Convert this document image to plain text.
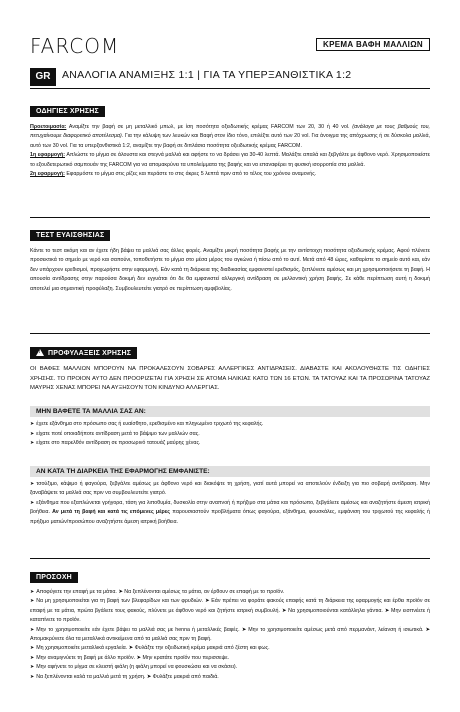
FARCOM	ΚΡΕΜΑ ΒΑΦΗ ΜΑΛΛΙΩΝ
GR	ΑΝΑΛΟΓΙΑ ΑΝΑΜΙΞΗΣ 1:1 | ΓΙΑ ΤΑ ΥΠΕΡΞΑΝΘΙΣΤΙΚΑ 1:2
ΟΔΗΓΙΕΣ ΧΡΗΣΗΣ

Προετοιμασία: Αναμίξτε την βαφή σε μη μεταλλικό μπωλ, με ίση ποσότητα οξειδωτικής κρέμας FARCOM των 20, 30 ή 40 vol. (ανάλογα με τους βαθμούς του, πετυχαίνουμε διαφορετικό αποτέλεσμα). Για την κάλυψη των λευκών και Βαφή στον ίδιο τόνο, επιλέξτε αυτό των 20 vol. Για άνοιγμα της απόχρωσης ή σε δύσκολα μαλλιά, αυτό των 30 vol. Για τα υπερξανθιστικά 1:2, αναμίξτε την βαφή σε διπλάσια ποσότητα οξειδωτικής κρέμας FARCOM.

1η εφαρμογή: Απλώστε το μίγμα σε άλουστα και στεγνά μαλλιά και αφήστε το να δράσει για 30-40 λεπτά. Μαλάξτε απαλά και ξεβγάλτε με άφθονο νερό. Χρησιμοποιείστε το εξουδετερωτικό σαμπουάν της FARCOM για να απομακρύνει τα υπολείμματα της βαφής και να επαναφέρει τη φυσική ισορροπία στα μαλλιά.

2η εφαρμογή: Εφαρμόστε το μίγμα στις ρίζες και περάστε το στις άκρες 5 λεπτά πριν από το τέλος του χρόνου αναμονής.

ΤΕΣΤ ΕΥΑΙΣΘΗΣΙΑΣ

Κάντε το τεστ ακόμη και αν έχετε ήδη βάψει τα μαλλιά σας άλλες φορές. Αναμίξτε μικρή ποσότητα βαφής με την αντίστοιχη ποσότητα οξειδωτικής κρέμας. Αφού πλύνετε προσεκτικά το σημείο με νερό και σαπούνι, τοποθετήστε το μίγμα στο μέσα μέρος του αγκώνα ή πίσω από το αυτί. Μετά από 48 ώρες, καθαρίστε το σημείο αυτό και, εάν δεν υπάρχουν ερεθισμοί, προχωρήστε στην εφαρμογή. Εάν κατά τη διάρκεια της διαδικασίας εμφανιστεί ερεθισμός, ξεπλύνετε αμέσως και μη χρησιμοποιήσετε τη βαφή. Η απουσία αντίδρασης στην παρούσα δοκιμή δεν εγγυάται ότι δε θα εμφανιστεί αλλεργική αντίδραση σε μελλοντική χρήση βαφής. Σε κάθε περίπτωση αυτή η δοκιμή αποτελεί μια σημαντική προφύλαξη. Συμβουλευτείτε γιατρό σε περίπτωση αμφιβολίας.

!ΠΡΟΦΥΛΑΞΕΙΣ ΧΡΗΣΗΣ

ΟΙ ΒΑΦΕΣ ΜΑΛΛΙΩΝ ΜΠΟΡΟΥΝ ΝΑ ΠΡΟΚΑΛΕΣΟΥΝ ΣΟΒΑΡΕΣ ΑΛΛΕΡΓΙΚΕΣ ΑΝΤΙΔΡΑΣΕΙΣ. ΔΙΑΒΑΣΤΕ ΚΑΙ ΑΚΟΛΟΥΘΗΣΤΕ ΤΙΣ ΟΔΗΓΙΕΣ ΧΡΗΣΗΣ. ΤΟ ΠΡΟΙΟΝ ΑΥΤΟ ΔΕΝ ΠΡΟΟΡΙΖΕΤΑΙ ΓΙΑ ΧΡΗΣΗ ΣΕ ΑΤΟΜΑ ΗΛΙΚΙΑΣ ΚΑΤΩ ΤΩΝ 16 ΕΤΩΝ. ΤΑ ΤΑΤΟΥΑΖ ΚΑΙ ΤΑ ΠΡΟΣΩΡΙΝΑ ΤΑΤΟΥΑΖ ΜΑΥΡΗΣ ΧΕΝΑΣ ΜΠΟΡΕΙ ΝΑ ΑΥΞΗΣΟΥΝ ΤΟΝ ΚΙΝΔΥΝΟ ΑΛΛΕΡΓΙΑΣ.

ΜΗΝ ΒΑΦΕΤΕ ΤΑ ΜΑΛΛΙΑ ΣΑΣ ΑΝ:
➤ έχετε εξάνθημα στο πρόσωπο σας ή ευαίσθητο, ερεθισμένο και πληγωμένο τριχωτό της κεφαλής.
➤ είχατε ποτέ οποιαδήποτε αντίδραση μετά το βάψιμο των μαλλιών σας.
➤ είχατε στο παρελθόν αντίδραση σε προσωρινό τατουάζ μαύρης χένας.
ΑΝ ΚΑΤΑ ΤΗ ΔΙΑΡΚΕΙΑ ΤΗΣ ΕΦΑΡΜΟΓΗΣ ΕΜΦΑΝΙΣΤΕ:

➤ τσούξιμο, κάψιμο ή φαγούρα, ξεβγάλτε αμέσως με άφθονο νερό και διακόψτε τη χρήση, γιατί αυτά μπορεί να αποτελούν ένδειξη για πιο σοβαρή αντίδραση. Μην ξαναβάψετε τα μαλλιά σας πριν να συμβουλευτείτε γιατρό.

➤ εξάνθημα που εξαπλώνεται γρήγορα, τάση για λιποθυμία, δυσκολία στην αναπνοή ή πρήξιμο στα μάτια και πρόσωπο, ξεβγάλετε αμέσως και αναζητήστε άμεση ιατρική βοήθεια. Αν μετά τη βαφή και κατά τις επόμενες μέρες παρουσιαστούν προβλήματα όπως φαγούρα, εξάνθημα, φουσκάλες, εμφάνιση του τριχωτού της κεφαλής ή πρήξιμο ματιών/προσώπου αναζητήστε άμεση ιατρική βοήθεια.

ΠΡΟΣΟΧΗ

➤ Αποφύγετε την επαφή με τα μάτια. ➤ Να ξεπλένονται αμέσως τα μάτια, αν έρθουν σε επαφή με το προϊόν.

➤ Να μη χρησιμοποιείται για τη βαφή των βλεφαρίδων και των φρυδιών. ➤ Εάν πρέπει να φοράτε φακούς επαφής κατά τη διάρκεια της εφαρμογής και έρθει προϊόν σε επαφή με τα μάτια, πρώτα βγάλετε τους φακούς, πλύνετε με άφθονο νερό και ζητήστε ιατρική συμβουλή. ➤ Να χρησιμοποιούνται κατάλληλα γάντια. ➤ Μην εισπνέετε ή καταπίνετε το προϊόν.

➤ Μην το χρησιμοποιείτε εάν έχετε βάψει τα μαλλιά σας με henna ή μεταλλικές βαφές. ➤ Μην το χρησιμοποιείτε αμέσως μετά από περμανάντ, λείανση ή ισιωτικά. ➤ Απομακρύνετε όλα τα μεταλλικά αντικείμενα από τα μαλλιά σας πριν τη βαφή.

➤ Μη χρησιμοποιείτε μεταλλικά εργαλεία. ➤ Φυλάξτε την οξειδωτική κρέμα μακριά από ζέστη και φως.

➤ Μην αναμιγνύετε τη βαφή με άλλο προϊόν. ➤ Μην κρατάτε προϊόν που περισσεψε.

➤ Μην αφήνετε το μίγμα σε κλειστή φιάλη (η φιάλη μπορεί να φουσκώσει και να σκάσει).

➤ Να ξεπλένονται καλά τα μαλλιά μετά τη χρήση. ➤ Φυλάξτε μακριά από παιδιά.
